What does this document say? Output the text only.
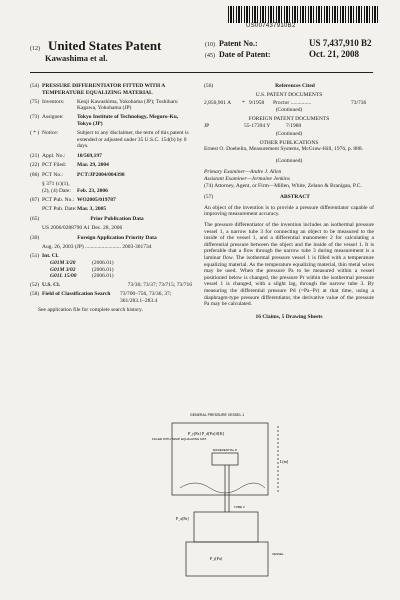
US007437910B2
(12) United States Patent
Kawashima et al.
(10) Patent No.:	US 7,437,910 B2
(45) Date of Patent:	Oct. 21, 2008
(54) PRESSURE DIFFERENTIATOR FITTED WITH A TEMPERATURE EQUALIZING MATERIAL
(75) Inventors:	Kenji Kawashima, Yokohama (JP); Toshiharu Kagawa, Yokohama (JP)
(73) Assignee:	Tokyo Institute of Technology, Meguro-Ku, Tokyo (JP)
( * ) Notice:	Subject to any disclaimer, the term of this patent is extended or adjusted under 35 U.S.C. 154(b) by 0 days.
(21) Appl. No.:	10/569,197
(22) PCT Filed:	Mar. 29, 2004
(86) PCT No.:	PCT/JP2004/004398
§ 371 (c)(1),
(2), (4) Date:	Feb. 23, 2006
(87) PCT Pub. No.: WO2005/019787
PCT Pub. Date: Mar. 3, 2005
(65)	Prior Publication Data
US 2006/0288790 A1 Dec. 28, 2006
(30)	Foreign Application Priority Data
Aug. 26, 2003 (JP) .......................... 2003-301734
(51) Int. Cl.
G01M 3/20	(2006.01)
G01M 3/02	(2006.01)
G01L 15/00	(2006.01)
(52) U.S. Cl.	73/36; 73/37; 73/715; 73/716
(58) Field of Classification Search	73/700–756, 73/36, 37; 361/283.1–283.4
See application file for complete search history.
(56)	References Cited
U.S. PATENT DOCUMENTS
2,850,901 A	* 9/1958	Proctor ...............	73/736
(Continued)
FOREIGN PATENT DOCUMENTS
JP	55-17394 Y	7/1980
(Continued)
OTHER PUBLICATIONS
Ernest O. Doebelin, Measurement Systems, McGraw-Hill, 1976, p. 888.
(Continued)
Primary Examiner—Andre J. Allen
Assistant Examiner—Jermaine Jenkins
(74) Attorney, Agent, or Firm—Millen, White, Zelano & Branigan, P.C.
(57)	ABSTRACT
An object of the invention is to provide a pressure differentiator capable of improving measurement accuracy.
The pressure differentiator of the invention includes an isothermal pressure vessel 1, a narrow tube 3 for connecting an object to be measured to the inside of the vessel 1, and a differential manometer 2 for calculating a differential pressure between the object and the inside of the vessel 1. It is preferable that a flow through the narrow tube 3 during measurement is a laminar flow. The isothermal pressure vessel 1 is filled with a temperature equalizing material. As the temperature equalizing material, thin metal wires may be used. When the pressure Pa to be measured within a vessel positioned below is changed, the pressure Pr within the isothermal pressure vessel 1 is changed, with a slight lag, through the narrow tube 3. By measuring the differential pressure Pd (=Pa−Pr) at that time, using a diaphragm-type pressure differentiator, the derivative value of the pressure Pa may be calculated.
16 Claims, 5 Drawing Sheets
GENERAL PRESSURE VESSEL 1
FILLED WITH TEMP. EQUALIZING MAT.
P_r[Pa] P_d[Pa] θ[K]
DIFFERENTIAL P.
L[m]
TUBE 3
P_a[Pa]
P_t[Pa]
VESSEL
